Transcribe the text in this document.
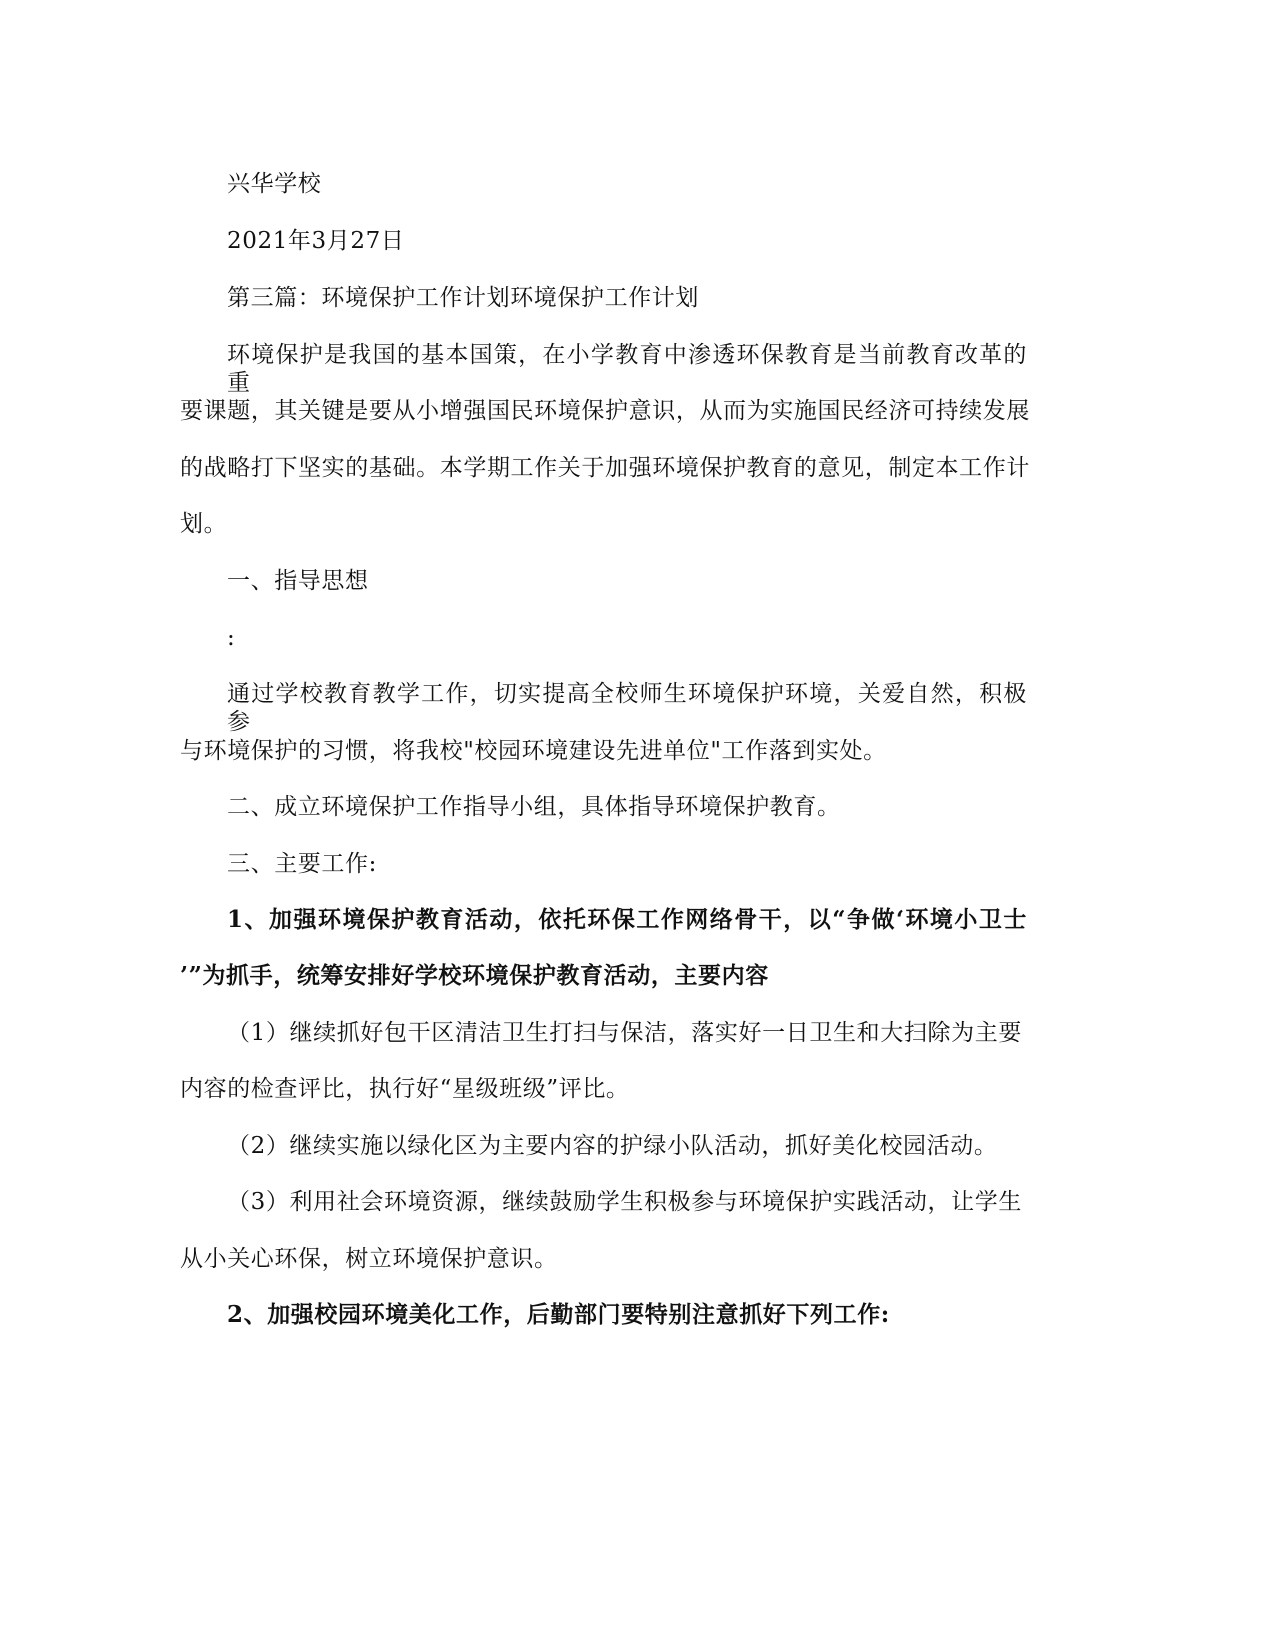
兴华学校
2021年3月27日
第三篇：环境保护工作计划环境保护工作计划
环境保护是我国的基本国策，在小学教育中渗透环保教育是当前教育改革的重
要课题，其关键是要从小增强国民环境保护意识，从而为实施国民经济可持续发展
的战略打下坚实的基础。本学期工作关于加强环境保护教育的意见，制定本工作计
划。
一、指导思想
:
通过学校教育教学工作，切实提高全校师生环境保护环境，关爱自然，积极参
与环境保护的习惯，将我校"校园环境建设先进单位"工作落到实处。
二、成立环境保护工作指导小组，具体指导环境保护教育。
三、主要工作:
1、加强环境保护教育活动，依托环保工作网络骨干，以“争做‘环境小卫士
’”为抓手，统筹安排好学校环境保护教育活动，主要内容
（1）继续抓好包干区清洁卫生打扫与保洁，落实好一日卫生和大扫除为主要
内容的检查评比，执行好“星级班级”评比。
（2）继续实施以绿化区为主要内容的护绿小队活动，抓好美化校园活动。
（3）利用社会环境资源，继续鼓励学生积极参与环境保护实践活动，让学生
从小关心环保，树立环境保护意识。
2、加强校园环境美化工作，后勤部门要特别注意抓好下列工作:
